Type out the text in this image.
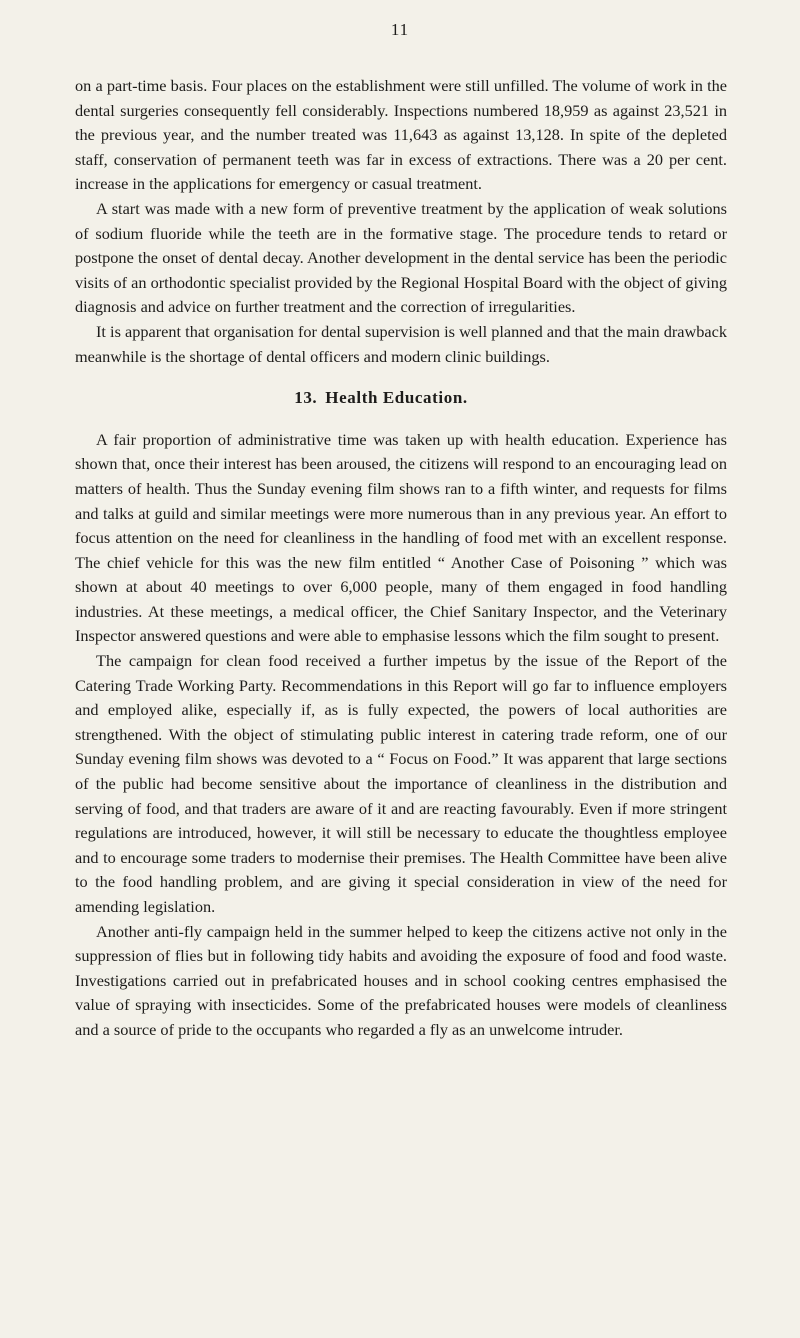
11

on a part-time basis. Four places on the establishment were still unfilled. The volume of work in the dental surgeries consequently fell considerably. Inspections numbered 18,959 as against 23,521 in the previous year, and the number treated was 11,643 as against 13,128. In spite of the depleted staff, conservation of permanent teeth was far in excess of extractions. There was a 20 per cent. increase in the applications for emergency or casual treatment.

A start was made with a new form of preventive treatment by the application of weak solutions of sodium fluoride while the teeth are in the formative stage. The procedure tends to retard or postpone the onset of dental decay. Another development in the dental service has been the periodic visits of an orthodontic specialist provided by the Regional Hospital Board with the object of giving diagnosis and advice on further treatment and the correction of irregularities.

It is apparent that organisation for dental supervision is well planned and that the main drawback meanwhile is the shortage of dental officers and modern clinic buildings.

13. Health Education.

A fair proportion of administrative time was taken up with health education. Experience has shown that, once their interest has been aroused, the citizens will respond to an encouraging lead on matters of health. Thus the Sunday evening film shows ran to a fifth winter, and requests for films and talks at guild and similar meetings were more numerous than in any previous year. An effort to focus attention on the need for cleanliness in the handling of food met with an excellent response. The chief vehicle for this was the new film entitled “ Another Case of Poisoning ” which was shown at about 40 meetings to over 6,000 people, many of them engaged in food handling industries. At these meetings, a medical officer, the Chief Sanitary Inspector, and the Veterinary Inspector answered questions and were able to emphasise lessons which the film sought to present.

The campaign for clean food received a further impetus by the issue of the Report of the Catering Trade Working Party. Recommendations in this Report will go far to influence employers and employed alike, especially if, as is fully expected, the powers of local authorities are strengthened. With the object of stimulating public interest in catering trade reform, one of our Sunday evening film shows was devoted to a “ Focus on Food.” It was apparent that large sections of the public had become sensitive about the importance of cleanliness in the distribution and serving of food, and that traders are aware of it and are reacting favourably. Even if more stringent regulations are introduced, however, it will still be necessary to educate the thoughtless employee and to encourage some traders to modernise their premises. The Health Committee have been alive to the food handling problem, and are giving it special consideration in view of the need for amending legislation.

Another anti-fly campaign held in the summer helped to keep the citizens active not only in the suppression of flies but in following tidy habits and avoiding the exposure of food and food waste. Investigations carried out in prefabricated houses and in school cooking centres emphasised the value of spraying with insecticides. Some of the prefabricated houses were models of cleanliness and a source of pride to the occupants who regarded a fly as an unwelcome intruder.
